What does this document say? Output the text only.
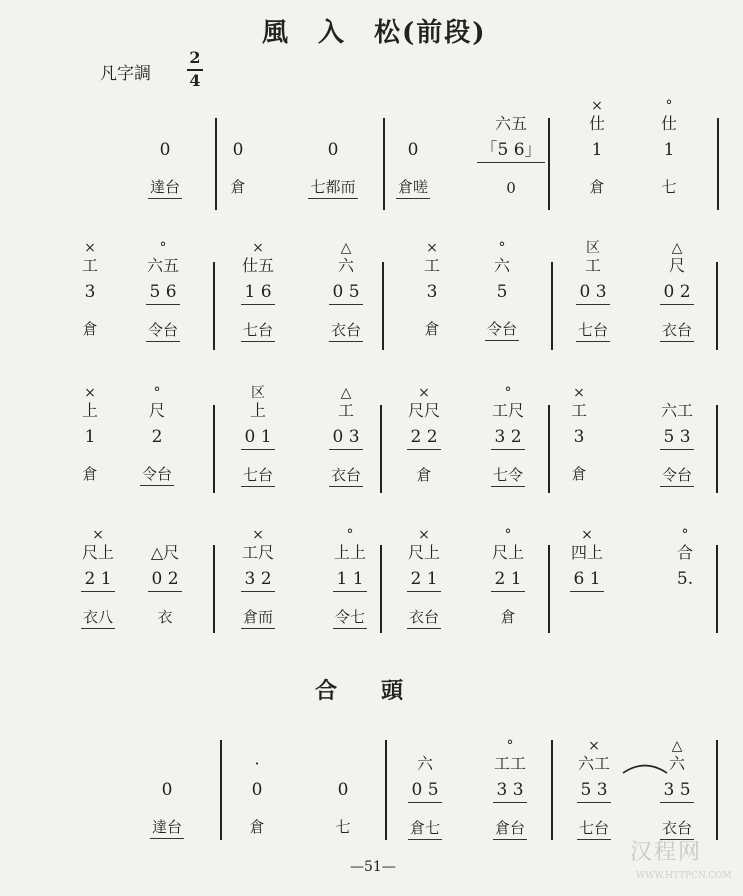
風　入　松(前段)
凡字調
2
4
0
達台
0
倉
0
七都而
0
倉嗟
六五
「5 6」
0
×
仕
1
倉
°
仕
1
七
×
工
3
倉
°
六五
5 6
令台
×
仕五
1 6
七台
△
六
0 5
衣台
×
工
3
倉
°
六
5
令台
区
工
0 3
七台
△
尺
0 2
衣台
×
上
1
倉
°
尺
2
令台
区
上
0 1
七台
△
工
0 3
衣台
×
尺尺
2 2
倉
°
工尺
3 2
七令
×
工
3
倉
六工
5 3
令台
×
尺上
2 1
衣八
△尺
0 2
衣
×
工尺
3 2
倉而
°
上上
1 1
令七
×
尺上
2 1
衣台
°
尺上
2 1
倉
×
四上
6 1
°
合
5.
0
達台
·
0
倉
0
七
六
0 5
倉七
°
工工
3 3
倉台
×
六工
5 3
七台
△
六
3 5
衣台
合　　頭
—51—
汉程网
WWW.HTTPCN.COM
